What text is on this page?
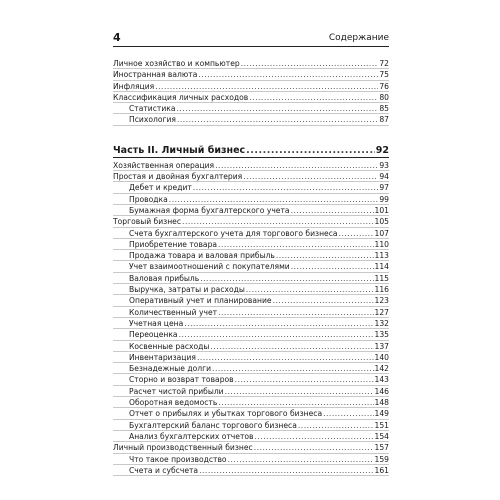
4	Содержание
Личное хозяйство и компьютер .....	72
Иностранная валюта .....	75
Инфляция .....	76
Классификация личных расходов .....	80
Статистика .....	85
Психология .....	87
Часть II. Личный бизнес .....	92
Хозяйственная операция .....	93
Простая и двойная бухгалтерия .....	94
Дебет и кредит .....	97
Проводка .....	99
Бумажная форма бухгалтерского учета .....	101
Торговый бизнес .....	105
Счета бухгалтерского учета для торгового бизнеса .....	107
Приобретение товара .....	110
Продажа товара и валовая прибыль .....	113
Учет взаимоотношений с покупателями .....	114
Валовая прибыль .....	115
Выручка, затраты и расходы .....	116
Оперативный учет и планирование .....	123
Количественный учет .....	127
Учетная цена .....	132
Переоценка .....	135
Косвенные расходы .....	137
Инвентаризация .....	140
Безнадежные долги .....	142
Сторно и возврат товаров .....	143
Расчет чистой прибыли .....	146
Оборотная ведомость .....	148
Отчет о прибылях и убытках торгового бизнеса .....	149
Бухгалтерский баланс торгового бизнеса .....	151
Анализ бухгалтерских отчетов .....	154
Личный производственный бизнес .....	157
Что такое производство .....	159
Счета и субсчета .....	161
